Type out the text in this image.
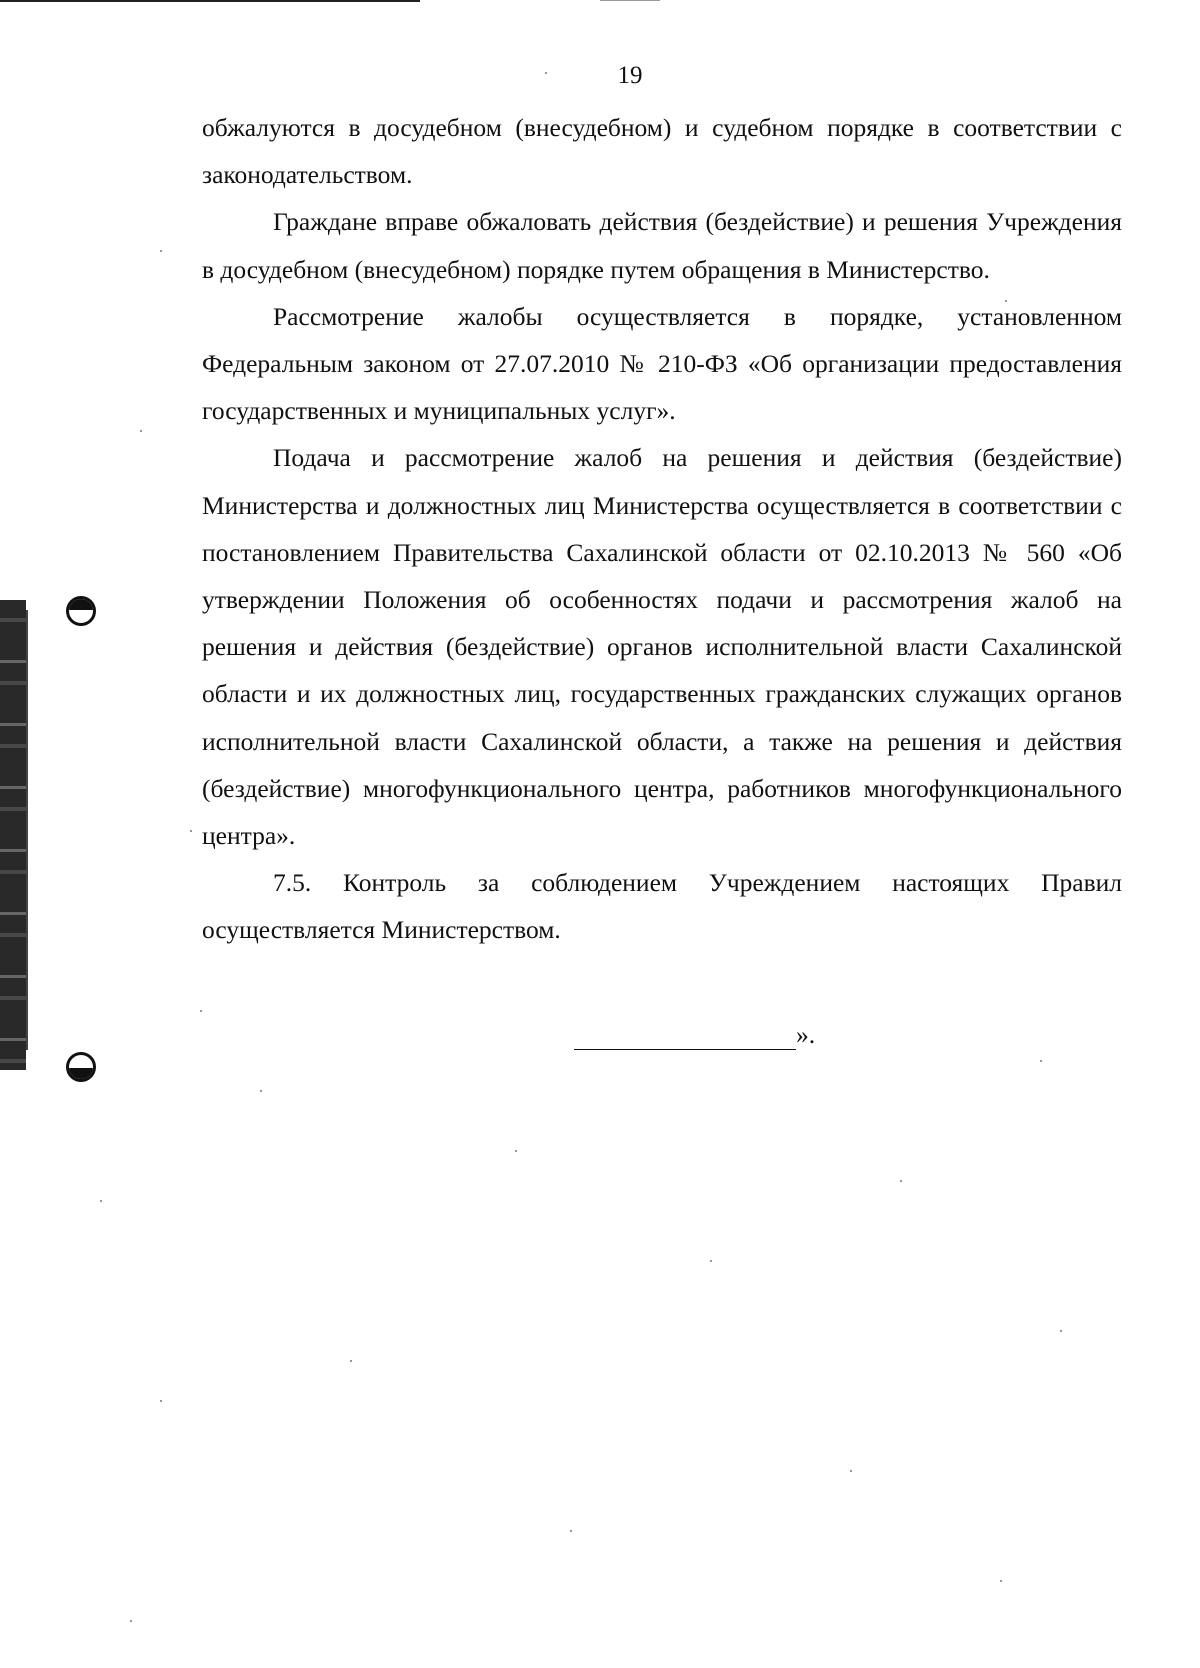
19

обжалуются в досудебном (внесудебном) и судебном порядке в соответствии с законодательством.

Граждане вправе обжаловать действия (бездействие) и решения Учреждения в досудебном (внесудебном) порядке путем обращения в Министерство.

Рассмотрение жалобы осуществляется в порядке, установленном Федеральным законом от 27.07.2010 № 210-ФЗ «Об организации предоставления государственных и муниципальных услуг».

Подача и рассмотрение жалоб на решения и действия (бездействие) Министерства и должностных лиц Министерства осуществляется в соответствии с постановлением Правительства Сахалинской области от 02.10.2013 № 560 «Об утверждении Положения об особенностях подачи и рассмотрения жалоб на решения и действия (бездействие) органов исполнительной власти Сахалинской области и их должностных лиц, государственных гражданских служащих органов исполнительной власти Сахалинской области, а также на решения и действия (бездействие) многофункционального центра, работников многофункционального центра».

7.5. Контроль за соблюдением Учреждением настоящих Правил осуществляется Министерством.

».
